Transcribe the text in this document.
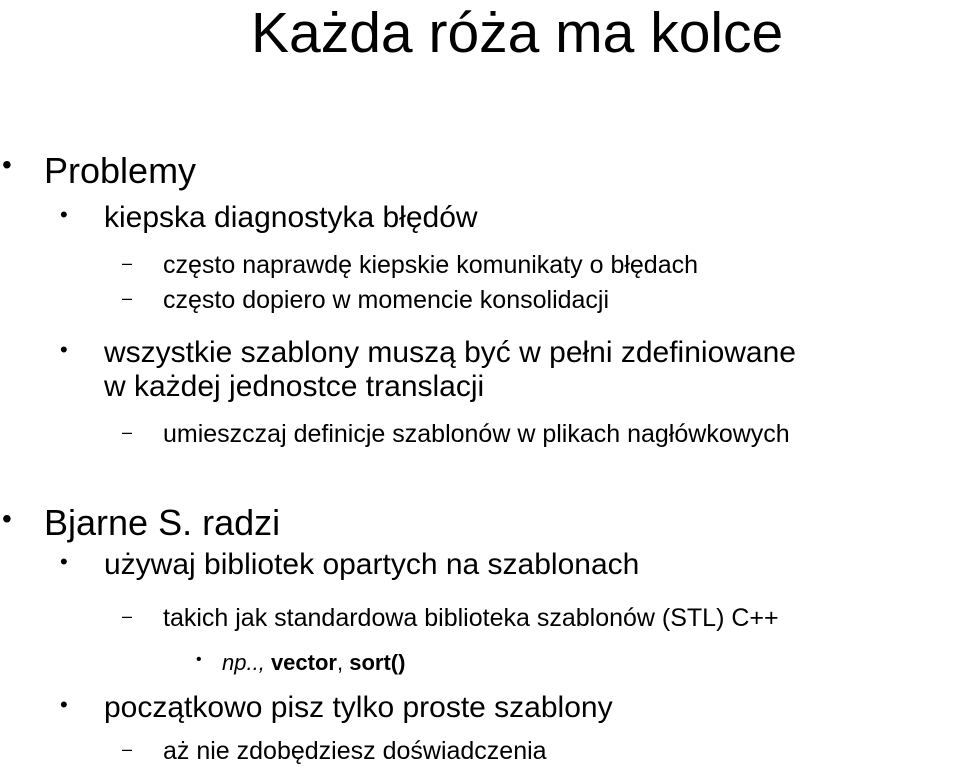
Każda róża ma kolce
• Problemy
• kiepska diagnostyka błędów
– często naprawdę kiepskie komunikaty o błędach
– często dopiero w momencie konsolidacji
• wszystkie szablony muszą być w pełni zdefiniowane
w każdej jednostce translacji
– umieszczaj definicje szablonów w plikach nagłówkowych
• Bjarne S. radzi
• używaj bibliotek opartych na szablonach
– takich jak standardowa biblioteka szablonów (STL) C++
• np.., vector, sort()
• początkowo pisz tylko proste szablony
– aż nie zdobędziesz doświadczenia
